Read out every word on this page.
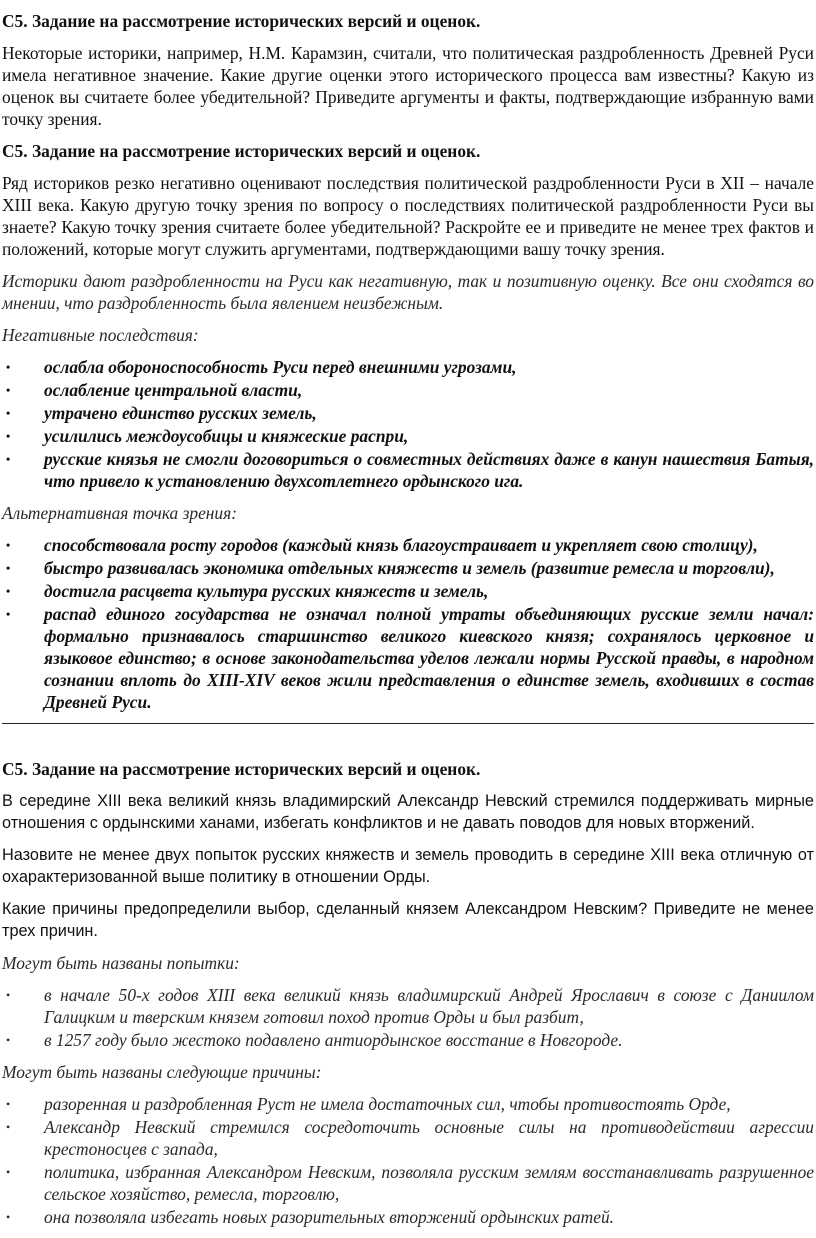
С5. Задание на рассмотрение исторических версий и оценок.
Некоторые историки, например, Н.М. Карамзин, считали, что политическая раздробленность Древней Руси имела негативное значение. Какие другие оценки этого исторического процесса вам известны? Какую из оценок вы считаете более убедительной? Приведите аргументы и факты, подтверждающие избранную вами точку зрения.
С5. Задание на рассмотрение исторических версий и оценок.
Ряд историков резко негативно оценивают последствия политической раздробленности Руси в XII – начале XIII века. Какую другую точку зрения по вопросу о последствиях политической раздробленности Руси вы знаете? Какую точку зрения считаете более убедительной? Раскройте ее и приведите не менее трех фактов и положений, которые могут служить аргументами, подтверждающими вашу точку зрения.
Историки дают раздробленности на Руси как негативную, так и позитивную оценку. Все они сходятся во мнении, что раздробленность была явлением неизбежным.
Негативные последствия:
• ослабла обороноспособность Руси перед внешними угрозами,
• ослабление центральной власти,
• утрачено единство русских земель,
• усилились междоусобицы и княжеские распри,
• русские князья не смогли договориться о совместных действиях даже в канун нашествия Батыя, что привело к установлению двухсотлетнего ордынского ига.
Альтернативная точка зрения:
• способствовала росту городов (каждый князь благоустраивает и укрепляет свою столицу),
• быстро развивалась экономика отдельных княжеств и земель (развитие ремесла и торговли),
• достигла расцвета культура русских княжеств и земель,
• распад единого государства не означал полной утраты объединяющих русские земли начал: формально признавалось старшинство великого киевского князя; сохранялось церковное и языковое единство; в основе законодательства уделов лежали нормы Русской правды, в народном сознании вплоть до XIII-XIV веков жили представления о единстве земель, входивших в состав Древней Руси.
С5. Задание на рассмотрение исторических версий и оценок.
В середине XIII века великий князь владимирский Александр Невский стремился поддерживать мирные отношения с ордынскими ханами, избегать конфликтов и не давать поводов для новых вторжений.
Назовите не менее двух попыток русских княжеств и земель проводить в середине XIII века отличную от охарактеризованной выше политику в отношении Орды.
Какие причины предопределили выбор, сделанный князем Александром Невским? Приведите не менее трех причин.
Могут быть названы попытки:
• в начале 50-х годов XIII века великий князь владимирский Андрей Ярославич в союзе с Даниилом Галицким и тверским князем готовил поход против Орды и был разбит,
• в 1257 году было жестоко подавлено антиордынское восстание в Новгороде.
Могут быть названы следующие причины:
• разоренная и раздробленная Руст не имела достаточных сил, чтобы противостоять Орде,
• Александр Невский стремился сосредоточить основные силы на противодействии агрессии крестоносцев с запада,
• политика, избранная Александром Невским, позволяла русским землям восстанавливать разрушенное сельское хозяйство, ремесла, торговлю,
• она позволяла избегать новых разорительных вторжений ордынских ратей.
